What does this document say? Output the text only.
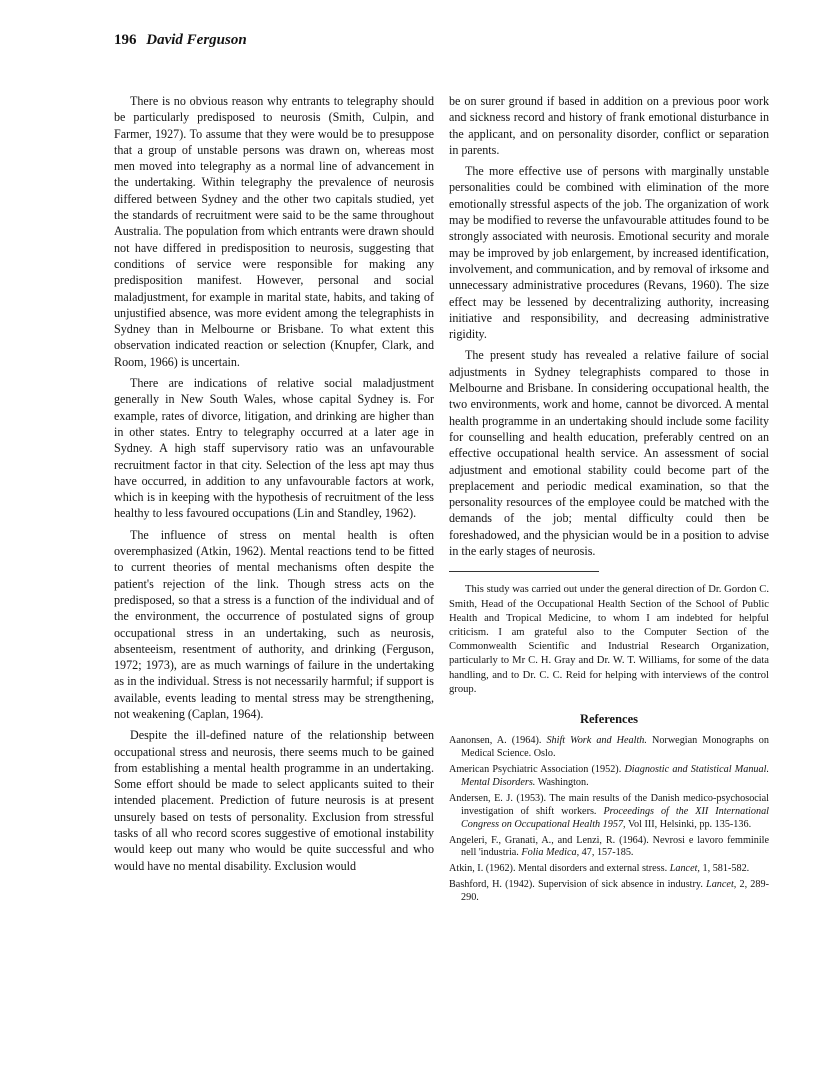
196 David Ferguson

There is no obvious reason why entrants to telegraphy should be particularly predisposed to neurosis (Smith, Culpin, and Farmer, 1927). To assume that they were would be to presuppose that a group of unstable persons was drawn on, whereas most men moved into telegraphy as a normal line of advancement in the undertaking. Within telegraphy the prevalence of neurosis differed between Sydney and the other two capitals studied, yet the standards of recruitment were said to be the same throughout Australia. The population from which entrants were drawn should not have differed in predisposition to neurosis, suggesting that conditions of service were responsible for making any predisposition manifest. However, personal and social maladjustment, for example in marital state, habits, and taking of unjustified absence, was more evident among the telegraphists in Sydney than in Melbourne or Brisbane. To what extent this observation indicated reaction or selection (Knupfer, Clark, and Room, 1966) is uncertain.

There are indications of relative social maladjustment generally in New South Wales, whose capital Sydney is. For example, rates of divorce, litigation, and drinking are higher than in other states. Entry to telegraphy occurred at a later age in Sydney. A high staff supervisory ratio was an unfavourable recruitment factor in that city. Selection of the less apt may thus have occurred, in addition to any unfavourable factors at work, which is in keeping with the hypothesis of recruitment of the less healthy to less favoured occupations (Lin and Standley, 1962).

The influence of stress on mental health is often overemphasized (Atkin, 1962). Mental reactions tend to be fitted to current theories of mental mechanisms often despite the patient's rejection of the link. Though stress acts on the predisposed, so that a stress is a function of the individual and of the environment, the occurrence of postulated signs of group occupational stress in an undertaking, such as neurosis, absenteeism, resentment of authority, and drinking (Ferguson, 1972; 1973), are as much warnings of failure in the undertaking as in the individual. Stress is not necessarily harmful; if support is available, events leading to mental stress may be strengthening, not weakening (Caplan, 1964).

Despite the ill-defined nature of the relationship between occupational stress and neurosis, there seems much to be gained from establishing a mental health programme in an undertaking. Some effort should be made to select applicants suited to their intended placement. Prediction of future neurosis is at present unsurely based on tests of personality. Exclusion from stressful tasks of all who record scores suggestive of emotional instability would keep out many who would be quite successful and who would have no mental disability. Exclusion would

be on surer ground if based in addition on a previous poor work and sickness record and history of frank emotional disturbance in the applicant, and on personality disorder, conflict or separation in parents.

The more effective use of persons with marginally unstable personalities could be combined with elimination of the more emotionally stressful aspects of the job. The organization of work may be modified to reverse the unfavourable attitudes found to be strongly associated with neurosis. Emotional security and morale may be improved by job enlargement, by increased identification, involvement, and communication, and by removal of irksome and unnecessary administrative procedures (Revans, 1960). The size effect may be lessened by decentralizing authority, increasing initiative and responsibility, and decreasing administrative rigidity.

The present study has revealed a relative failure of social adjustments in Sydney telegraphists compared to those in Melbourne and Brisbane. In considering occupational health, the two environments, work and home, cannot be divorced. A mental health programme in an undertaking should include some facility for counselling and health education, preferably centred on an effective occupational health service. An assessment of social adjustment and emotional stability could become part of the preplacement and periodic medical examination, so that the personality resources of the employee could be matched with the demands of the job; mental difficulty could then be foreshadowed, and the physician would be in a position to advise in the early stages of neurosis.

This study was carried out under the general direction of Dr. Gordon C. Smith, Head of the Occupational Health Section of the School of Public Health and Tropical Medicine, to whom I am indebted for helpful criticism. I am grateful also to the Computer Section of the Commonwealth Scientific and Industrial Research Organization, particularly to Mr C. H. Gray and Dr. W. T. Williams, for some of the data handling, and to Dr. C. C. Reid for helping with interviews of the control group.

References
Aanonsen, A. (1964). Shift Work and Health. Norwegian Monographs on Medical Science. Oslo.
American Psychiatric Association (1952). Diagnostic and Statistical Manual. Mental Disorders. Washington.
Andersen, E. J. (1953). The main results of the Danish medico-psychosocial investigation of shift workers. Proceedings of the XII International Congress on Occupational Health 1957, Vol III, Helsinki, pp. 135-136.
Angeleri, F., Granati, A., and Lenzi, R. (1964). Nevrosi e lavoro femminile nell 'industria. Folia Medica, 47, 157-185.
Atkin, I. (1962). Mental disorders and external stress. Lancet, 1, 581-582.
Bashford, H. (1942). Supervision of sick absence in industry. Lancet, 2, 289-290.
